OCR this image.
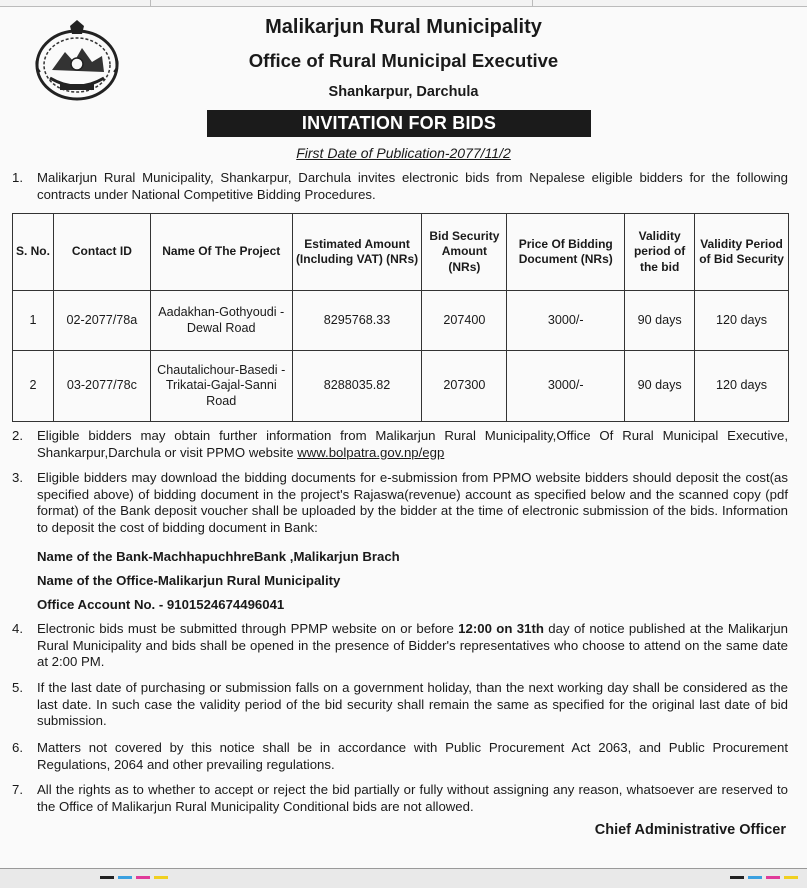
Malikarjun Rural Municipality
Office of Rural Municipal Executive
Shankarpur, Darchula
INVITATION FOR BIDS
First Date of Publication-2077/11/2
1. Malikarjun Rural Municipality, Shankarpur, Darchula invites electronic bids from Nepalese eligible bidders for the following contracts under National Competitive Bidding Procedures.
S. No.	Contact ID	Name Of The Project	Estimated Amount (Including VAT) (NRs)	Bid Security Amount (NRs)	Price Of Bidding Document (NRs)	Validity period of the bid	Validity Period of Bid Security
1	02-2077/78a	Aadakhan-Gothyoudi - Dewal Road	8295768.33	207400	3000/-	90 days	120 days
2	03-2077/78c	Chautalichour-Basedi -Trikatai-Gajal-Sanni Road	8288035.82	207300	3000/-	90 days	120 days
2. Eligible bidders may obtain further information from Malikarjun Rural Municipality,Office Of Rural Municipal Executive, Shankarpur,Darchula or visit PPMO website www.bolpatra.gov.np/egp
3. Eligible bidders may download the bidding documents for e-submission from PPMO website bidders should deposit the cost(as specified above) of bidding document in the project's Rajaswa(revenue) account as specified below and the scanned copy (pdf format) of the Bank deposit voucher shall be uploaded by the bidder at the time of electronic submission of the bids. Information to deposit the cost of bidding document in Bank:
Name of the Bank-MachhapuchhreBank ,Malikarjun Brach
Name of the Office-Malikarjun Rural Municipality
Office Account No. - 9101524674496041
4. Electronic bids must be submitted through PPMP website on or before 12:00 on 31th day of notice published at the Malikarjun Rural Municipality and bids shall be opened in the presence of Bidder's representatives who choose to attend on the same date at 2:00 PM.
5. If the last date of purchasing or submission falls on a government holiday, than the next working day shall be considered as the last date. In such case the validity period of the bid security shall remain the same as specified for the original last date of bid submission.
6. Matters not covered by this notice shall be in accordance with Public Procurement Act 2063, and Public Procurement Regulations, 2064 and other prevailing regulations.
7. All the rights as to whether to accept or reject the bid partially or fully without assigning any reason, whatsoever are reserved to the Office of Malikarjun Rural Municipality Conditional bids are not allowed.
Chief Administrative Officer
